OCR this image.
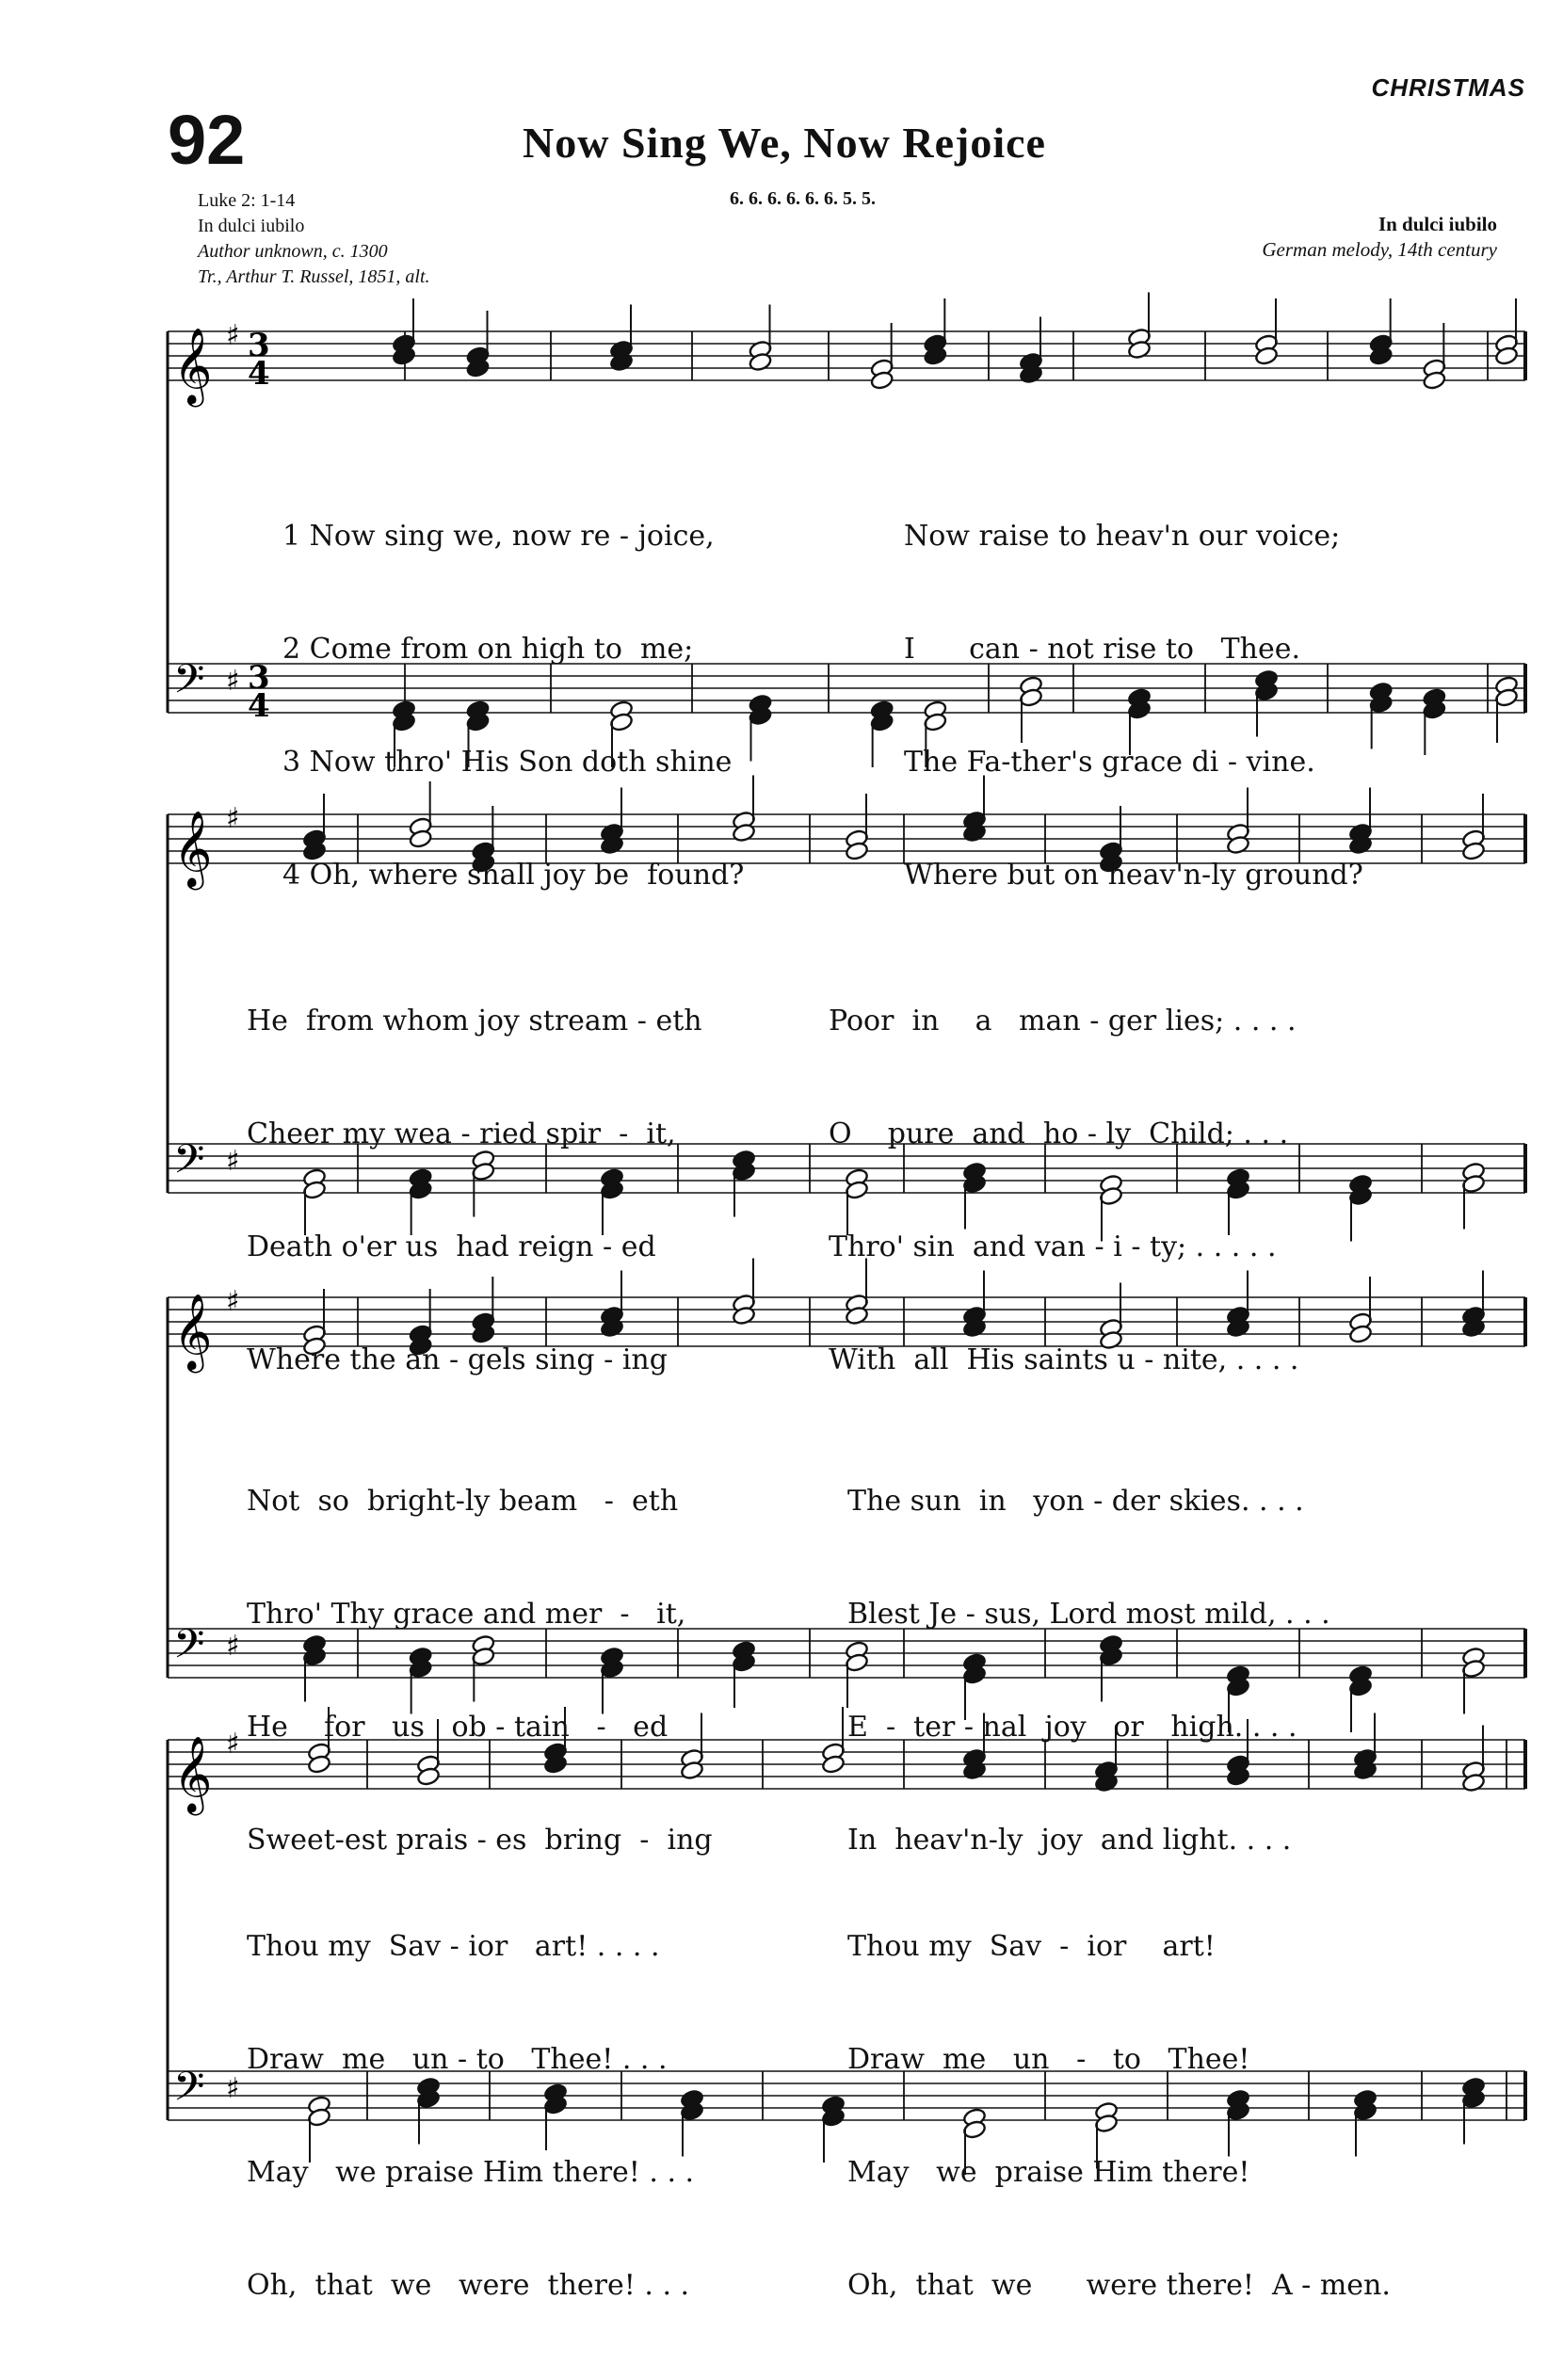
CHRISTMAS
92	Now Sing We, Now Rejoice
Luke 2: 1-14
In dulci iubilo
Author unknown, c. 1300
Tr., Arthur T. Russel, 1851, alt.
6. 6. 6. 6. 6. 6. 5. 5.
In dulci iubilo
German melody, 14th century
𝄞 ♯ 3
4
𝄢 ♯ 3
4
𝄞 ♯
𝄢 ♯
𝄞 ♯
𝄢 ♯
𝄞 ♯
𝄢 ♯

1 Now sing we, now re - joice,

2 Come from on high to  me;

3 Now thro' His Son doth shine

4 Oh, where shall joy be  found?

Now raise to heav'n our voice;

I      can - not rise to   Thee.

The Fa-ther's grace di - vine.

Where but on heav'n-ly ground?

He  from whom joy stream - eth

Cheer my wea - ried spir  -  it,

Death o'er us  had reign - ed

Where the an - gels sing - ing

Poor  in    a   man - ger lies; . . . .

O    pure  and  ho - ly  Child; . . .

Thro' sin  and van - i - ty; . . . . .

With  all  His saints u - nite, . . . .

Not  so  bright-ly beam   -  eth

Thro' Thy grace and mer  -   it,

He    for   us   ob - tain   -   ed

Sweet-est prais - es  bring  -  ing

The sun  in   yon - der skies. . . .

Blest Je - sus, Lord most mild, . . .

E  -  ter - nal  joy   or   high. . . .

In  heav'n-ly  joy  and light. . . .

Thou my  Sav - ior   art! . . . .

Draw  me   un - to   Thee! . . .

May   we praise Him there! . . .

Oh,  that  we   were  there! . . .

Thou my  Sav  -  ior    art!

Draw  me   un   -   to   Thee!

May   we  praise Him there!

Oh,  that  we      were there!  A - men.
